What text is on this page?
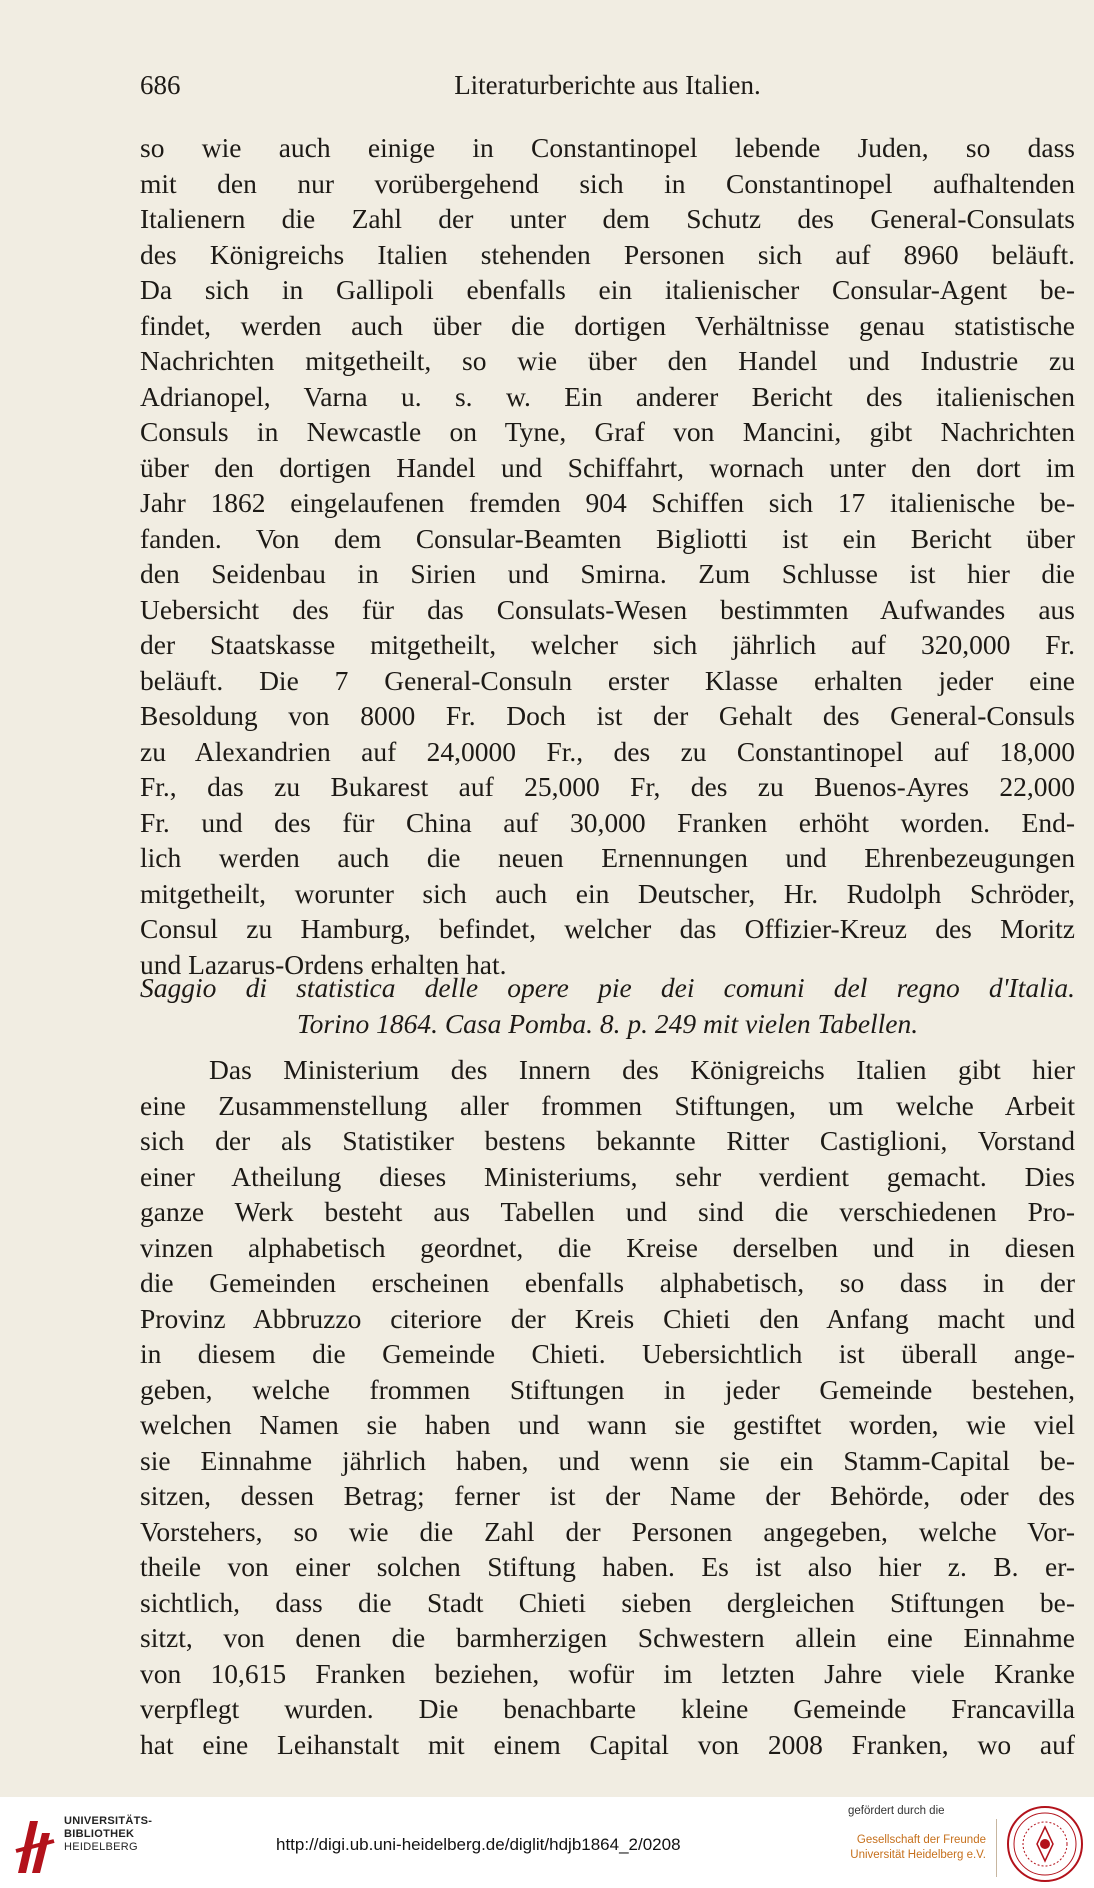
686	Literaturberichte aus Italien.
so wie auch einige in Constantinopel lebende Juden, so dass
mit den nur vorübergehend sich in Constantinopel aufhaltenden
Italienern die Zahl der unter dem Schutz des General-Consulats
des Königreichs Italien stehenden Personen sich auf 8960 beläuft.
Da sich in Gallipoli ebenfalls ein italienischer Consular-Agent be-
findet, werden auch über die dortigen Verhältnisse genau statistische
Nachrichten mitgetheilt, so wie über den Handel und Industrie zu
Adrianopel, Varna u. s. w. Ein anderer Bericht des italienischen
Consuls in Newcastle on Tyne, Graf von Mancini, gibt Nachrichten
über den dortigen Handel und Schiffahrt, wornach unter den dort im
Jahr 1862 eingelaufenen fremden 904 Schiffen sich 17 italienische be-
fanden. Von dem Consular-Beamten Bigliotti ist ein Bericht über
den Seidenbau in Sirien und Smirna. Zum Schlusse ist hier die
Uebersicht des für das Consulats-Wesen bestimmten Aufwandes aus
der Staatskasse mitgetheilt, welcher sich jährlich auf 320,000 Fr.
beläuft. Die 7 General-Consuln erster Klasse erhalten jeder eine
Besoldung von 8000 Fr. Doch ist der Gehalt des General-Consuls
zu Alexandrien auf 24,0000 Fr., des zu Constantinopel auf 18,000
Fr., das zu Bukarest auf 25,000 Fr, des zu Buenos-Ayres 22,000
Fr. und des für China auf 30,000 Franken erhöht worden. End-
lich werden auch die neuen Ernennungen und Ehrenbezeugungen
mitgetheilt, worunter sich auch ein Deutscher, Hr. Rudolph Schröder,
Consul zu Hamburg, befindet, welcher das Offizier-Kreuz des Moritz
und Lazarus-Ordens erhalten hat.
Saggio di statistica delle opere pie dei comuni del regno d'Italia.
Torino 1864. Casa Pomba. 8. p. 249 mit vielen Tabellen.
Das Ministerium des Innern des Königreichs Italien gibt hier
eine Zusammenstellung aller frommen Stiftungen, um welche Arbeit
sich der als Statistiker bestens bekannte Ritter Castiglioni, Vorstand
einer Atheilung dieses Ministeriums, sehr verdient gemacht. Dies
ganze Werk besteht aus Tabellen und sind die verschiedenen Pro-
vinzen alphabetisch geordnet, die Kreise derselben und in diesen
die Gemeinden erscheinen ebenfalls alphabetisch, so dass in der
Provinz Abbruzzo citeriore der Kreis Chieti den Anfang macht und
in diesem die Gemeinde Chieti. Uebersichtlich ist überall ange-
geben, welche frommen Stiftungen in jeder Gemeinde bestehen,
welchen Namen sie haben und wann sie gestiftet worden, wie viel
sie Einnahme jährlich haben, und wenn sie ein Stamm-Capital be-
sitzen, dessen Betrag; ferner ist der Name der Behörde, oder des
Vorstehers, so wie die Zahl der Personen angegeben, welche Vor-
theile von einer solchen Stiftung haben. Es ist also hier z. B. er-
sichtlich, dass die Stadt Chieti sieben dergleichen Stiftungen be-
sitzt, von denen die barmherzigen Schwestern allein eine Einnahme
von 10,615 Franken beziehen, wofür im letzten Jahre viele Kranke
verpflegt wurden. Die benachbarte kleine Gemeinde Francavilla
hat eine Leihanstalt mit einem Capital von 2008 Franken, wo auf
UNIVERSITÄTS-
BIBLIOTHEK
HEIDELBERG	http://digi.ub.uni-heidelberg.de/diglit/hdjb1864_2/0208
gefördert durch die
Gesellschaft der Freunde
Universität Heidelberg e.V.
